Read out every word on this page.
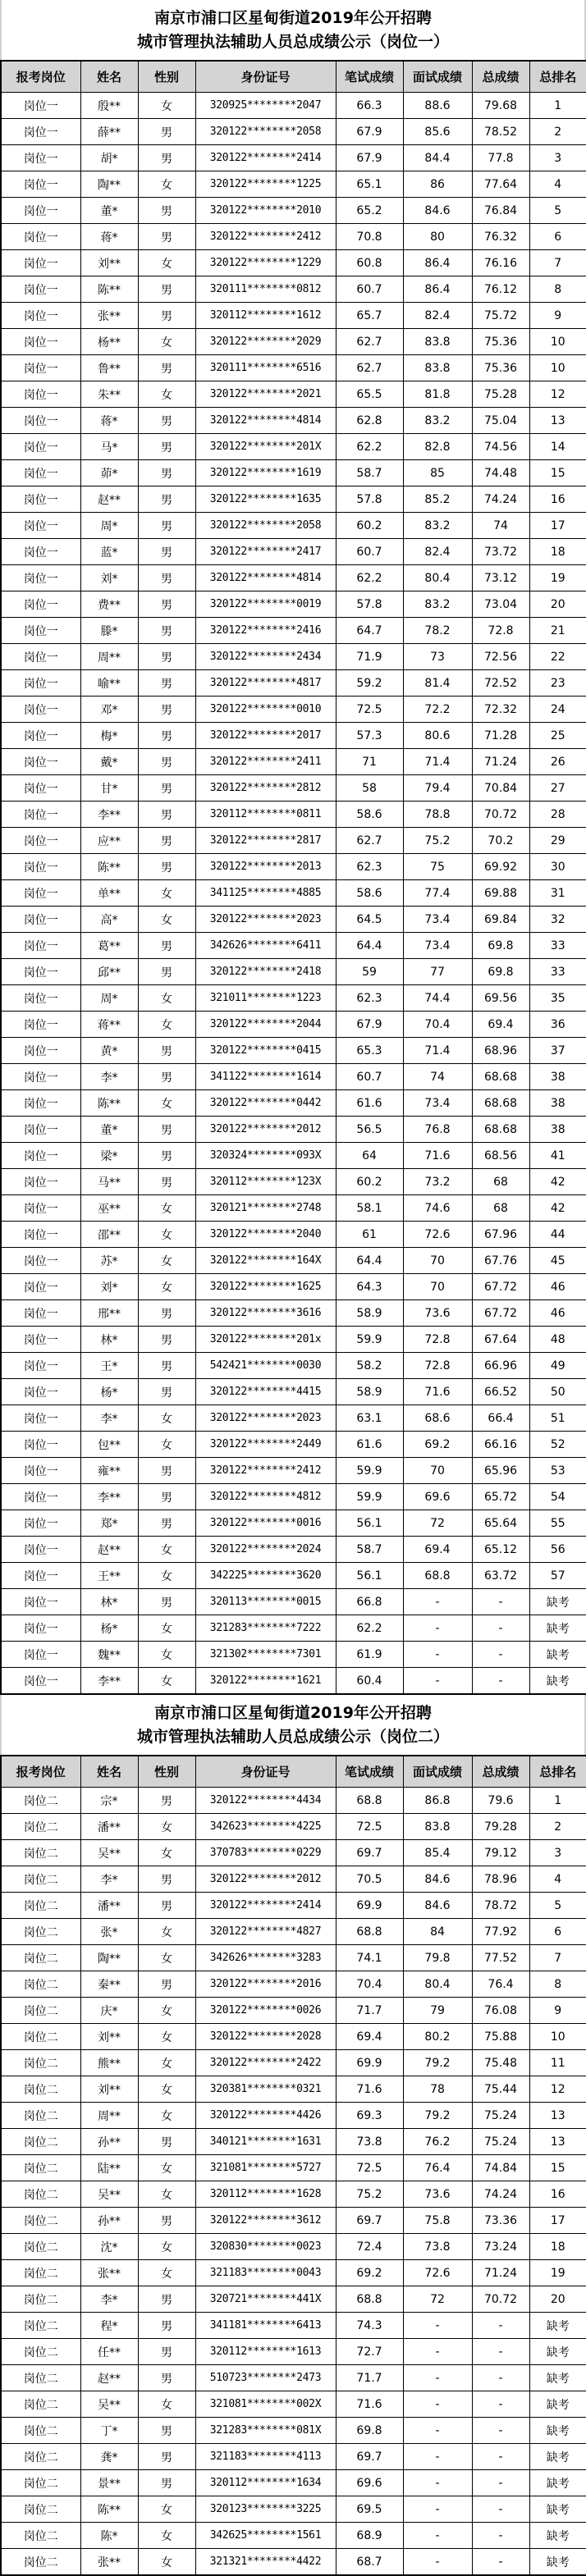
南京市浦口区星甸街道2019年公开招聘
城市管理执法辅助人员总成绩公示（岗位一）
报考岗位	姓名	性别	身份证号	笔试成绩	面试成绩	总成绩	总排名
岗位一	殷**	女	320925********2047	66.3	88.6	79.68	1
岗位一	薛**	男	320122********2058	67.9	85.6	78.52	2
岗位一	胡*	男	320122********2414	67.9	84.4	77.8	3
岗位一	陶**	女	320122********1225	65.1	86	77.64	4
岗位一	董*	男	320122********2010	65.2	84.6	76.84	5
岗位一	蒋*	男	320122********2412	70.8	80	76.32	6
岗位一	刘**	女	320122********1229	60.8	86.4	76.16	7
岗位一	陈**	男	320111********0812	60.7	86.4	76.12	8
岗位一	张**	男	320112********1612	65.7	82.4	75.72	9
岗位一	杨**	女	320122********2029	62.7	83.8	75.36	10
岗位一	鲁**	男	320111********6516	62.7	83.8	75.36	10
岗位一	朱**	女	320122********2021	65.5	81.8	75.28	12
岗位一	蒋*	男	320122********4814	62.8	83.2	75.04	13
岗位一	马*	男	320122********201X	62.2	82.8	74.56	14
岗位一	茆*	男	320122********1619	58.7	85	74.48	15
岗位一	赵**	男	320122********1635	57.8	85.2	74.24	16
岗位一	周*	男	320122********2058	60.2	83.2	74	17
岗位一	蓝*	男	320122********2417	60.7	82.4	73.72	18
岗位一	刘*	男	320122********4814	62.2	80.4	73.12	19
岗位一	费**	男	320122********0019	57.8	83.2	73.04	20
岗位一	滕*	男	320122********2416	64.7	78.2	72.8	21
岗位一	周**	男	320122********2434	71.9	73	72.56	22
岗位一	喻**	男	320122********4817	59.2	81.4	72.52	23
岗位一	邓*	男	320122********0010	72.5	72.2	72.32	24
岗位一	梅*	男	320122********2017	57.3	80.6	71.28	25
岗位一	戴*	男	320122********2411	71	71.4	71.24	26
岗位一	甘*	男	320122********2812	58	79.4	70.84	27
岗位一	李**	男	320112********0811	58.6	78.8	70.72	28
岗位一	应**	男	320122********2817	62.7	75.2	70.2	29
岗位一	陈**	男	320122********2013	62.3	75	69.92	30
岗位一	单**	女	341125********4885	58.6	77.4	69.88	31
岗位一	高*	女	320122********2023	64.5	73.4	69.84	32
岗位一	葛**	男	342626********6411	64.4	73.4	69.8	33
岗位一	邱**	男	320122********2418	59	77	69.8	33
岗位一	周*	女	321011********1223	62.3	74.4	69.56	35
岗位一	蒋**	女	320122********2044	67.9	70.4	69.4	36
岗位一	黄*	男	320122********0415	65.3	71.4	68.96	37
岗位一	李*	男	341122********1614	60.7	74	68.68	38
岗位一	陈**	女	320122********0442	61.6	73.4	68.68	38
岗位一	董*	男	320122********2012	56.5	76.8	68.68	38
岗位一	梁*	男	320324********093X	64	71.6	68.56	41
岗位一	马**	男	320112********123X	60.2	73.2	68	42
岗位一	巫**	女	320121********2748	58.1	74.6	68	42
岗位一	邵**	女	320122********2040	61	72.6	67.96	44
岗位一	苏*	女	320122********164X	64.4	70	67.76	45
岗位一	刘*	女	320122********1625	64.3	70	67.72	46
岗位一	邢**	男	320122********3616	58.9	73.6	67.72	46
岗位一	林*	男	320122********201x	59.9	72.8	67.64	48
岗位一	王*	男	542421********0030	58.2	72.8	66.96	49
岗位一	杨*	男	320122********4415	58.9	71.6	66.52	50
岗位一	李*	女	320122********2023	63.1	68.6	66.4	51
岗位一	包**	女	320122********2449	61.6	69.2	66.16	52
岗位一	雍**	男	320122********2412	59.9	70	65.96	53
岗位一	李**	男	320122********4812	59.9	69.6	65.72	54
岗位一	郑*	男	320122********0016	56.1	72	65.64	55
岗位一	赵**	女	320122********2024	58.7	69.4	65.12	56
岗位一	王**	女	342225********3620	56.1	68.8	63.72	57
岗位一	林*	男	320113********0015	66.8	-	-	缺考
岗位一	杨*	女	321283********7222	62.2	-	-	缺考
岗位一	魏**	女	321302********7301	61.9	-	-	缺考
岗位一	李**	女	320122********1621	60.4	-	-	缺考
南京市浦口区星甸街道2019年公开招聘
城市管理执法辅助人员总成绩公示（岗位二）
报考岗位	姓名	性别	身份证号	笔试成绩	面试成绩	总成绩	总排名
岗位二	宗*	男	320122********4434	68.8	86.8	79.6	1
岗位二	潘**	女	342623********4225	72.5	83.8	79.28	2
岗位二	吴**	女	370783********0229	69.7	85.4	79.12	3
岗位二	李*	男	320122********2012	70.5	84.6	78.96	4
岗位二	潘**	男	320122********2414	69.9	84.6	78.72	5
岗位二	张*	女	320122********4827	68.8	84	77.92	6
岗位二	陶**	女	342626********3283	74.1	79.8	77.52	7
岗位二	秦**	男	320122********2016	70.4	80.4	76.4	8
岗位二	庆*	女	320122********0026	71.7	79	76.08	9
岗位二	刘**	女	320122********2028	69.4	80.2	75.88	10
岗位二	熊**	女	320122********2422	69.9	79.2	75.48	11
岗位二	刘**	女	320381********0321	71.6	78	75.44	12
岗位二	周**	女	320122********4426	69.3	79.2	75.24	13
岗位二	孙**	男	340121********1631	73.8	76.2	75.24	13
岗位二	陆**	女	321081********5727	72.5	76.4	74.84	15
岗位二	吴**	女	320112********1628	75.2	73.6	74.24	16
岗位二	孙**	男	320122********3612	69.7	75.8	73.36	17
岗位二	沈*	女	320830********0023	72.4	73.8	73.24	18
岗位二	张**	女	321183********0043	69.2	72.6	71.24	19
岗位二	李*	男	320721********441X	68.8	72	70.72	20
岗位二	程*	男	341181********6413	74.3	-	-	缺考
岗位二	任**	男	320112********1613	72.7	-	-	缺考
岗位二	赵**	男	510723********2473	71.7	-	-	缺考
岗位二	吴**	女	321081********002X	71.6	-	-	缺考
岗位二	丁*	男	321283********081X	69.8	-	-	缺考
岗位二	龚*	男	321183********4113	69.7	-	-	缺考
岗位二	景**	男	320112********1634	69.6	-	-	缺考
岗位二	陈**	女	320123********3225	69.5	-	-	缺考
岗位二	陈*	女	342625********1561	68.9	-	-	缺考
岗位二	张**	女	321321********4422	68.7	-	-	缺考
